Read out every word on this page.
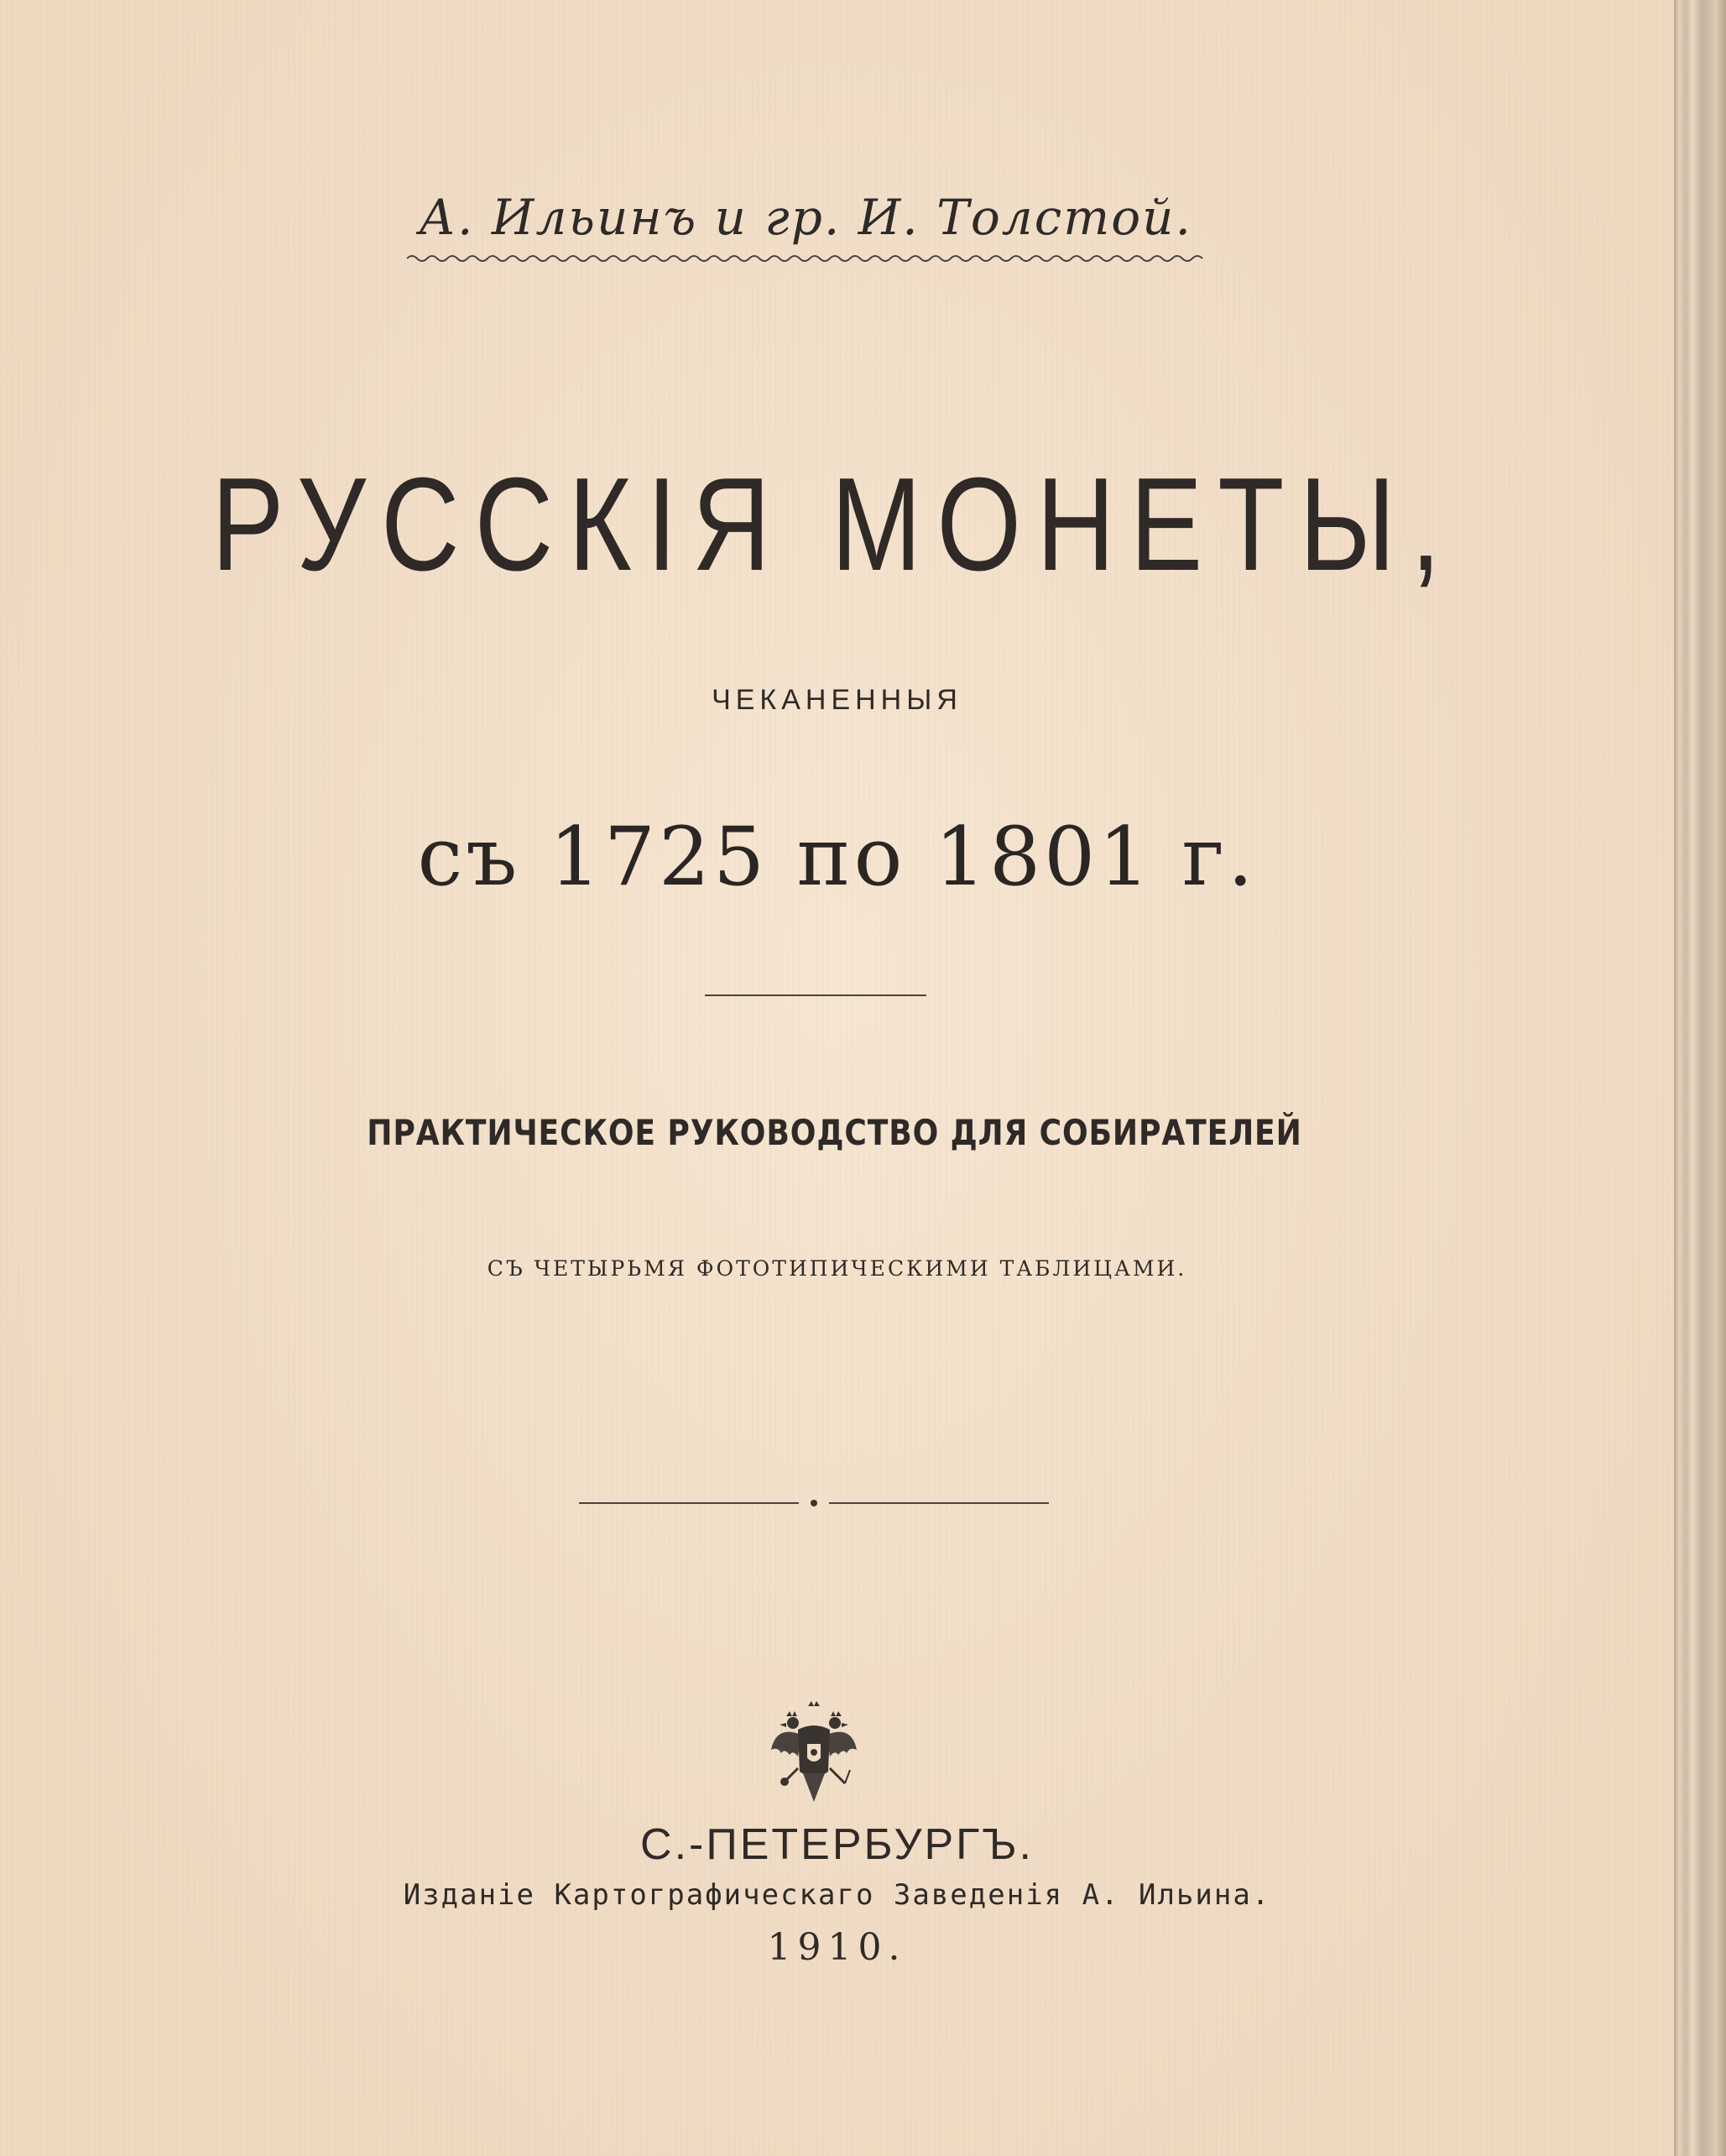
А. Ильинъ и гр. И. Толстой.
РУССКІЯ МОНЕТЫ,
ЧЕКАНЕННЫЯ
съ 1725 по 1801 г.
ПРАКТИЧЕСКОЕ РУКОВОДСТВО ДЛЯ СОБИРАТЕЛЕЙ
СЪ ЧЕТЫРЬМЯ ФОТОТИПИЧЕСКИМИ ТАБЛИЦАМИ.
С.-ПЕТЕРБУРГЪ.
Изданіе Картографическаго Заведенія А. Ильина.
1910.
